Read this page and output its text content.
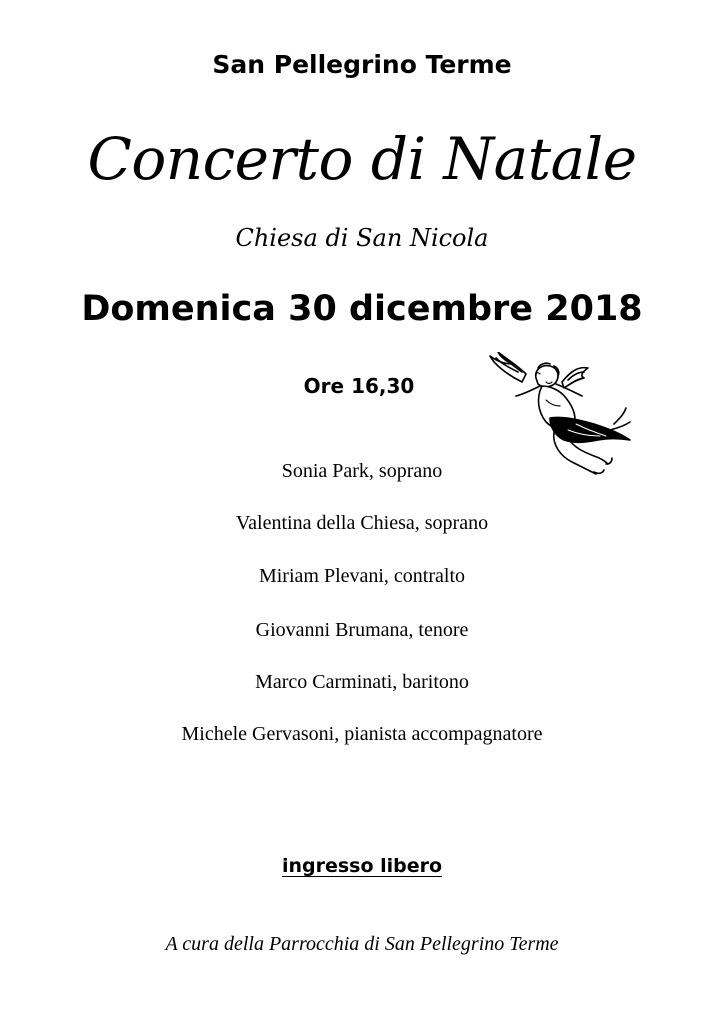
San Pellegrino Terme
Concerto di Natale
Chiesa di San Nicola
Domenica 30 dicembre 2018
Ore 16,30
Sonia Park, soprano
Valentina della Chiesa, soprano
Miriam Plevani, contralto
Giovanni Brumana, tenore
Marco Carminati, baritono
Michele Gervasoni, pianista accompagnatore
ingresso libero
A cura della Parrocchia di San Pellegrino Terme
